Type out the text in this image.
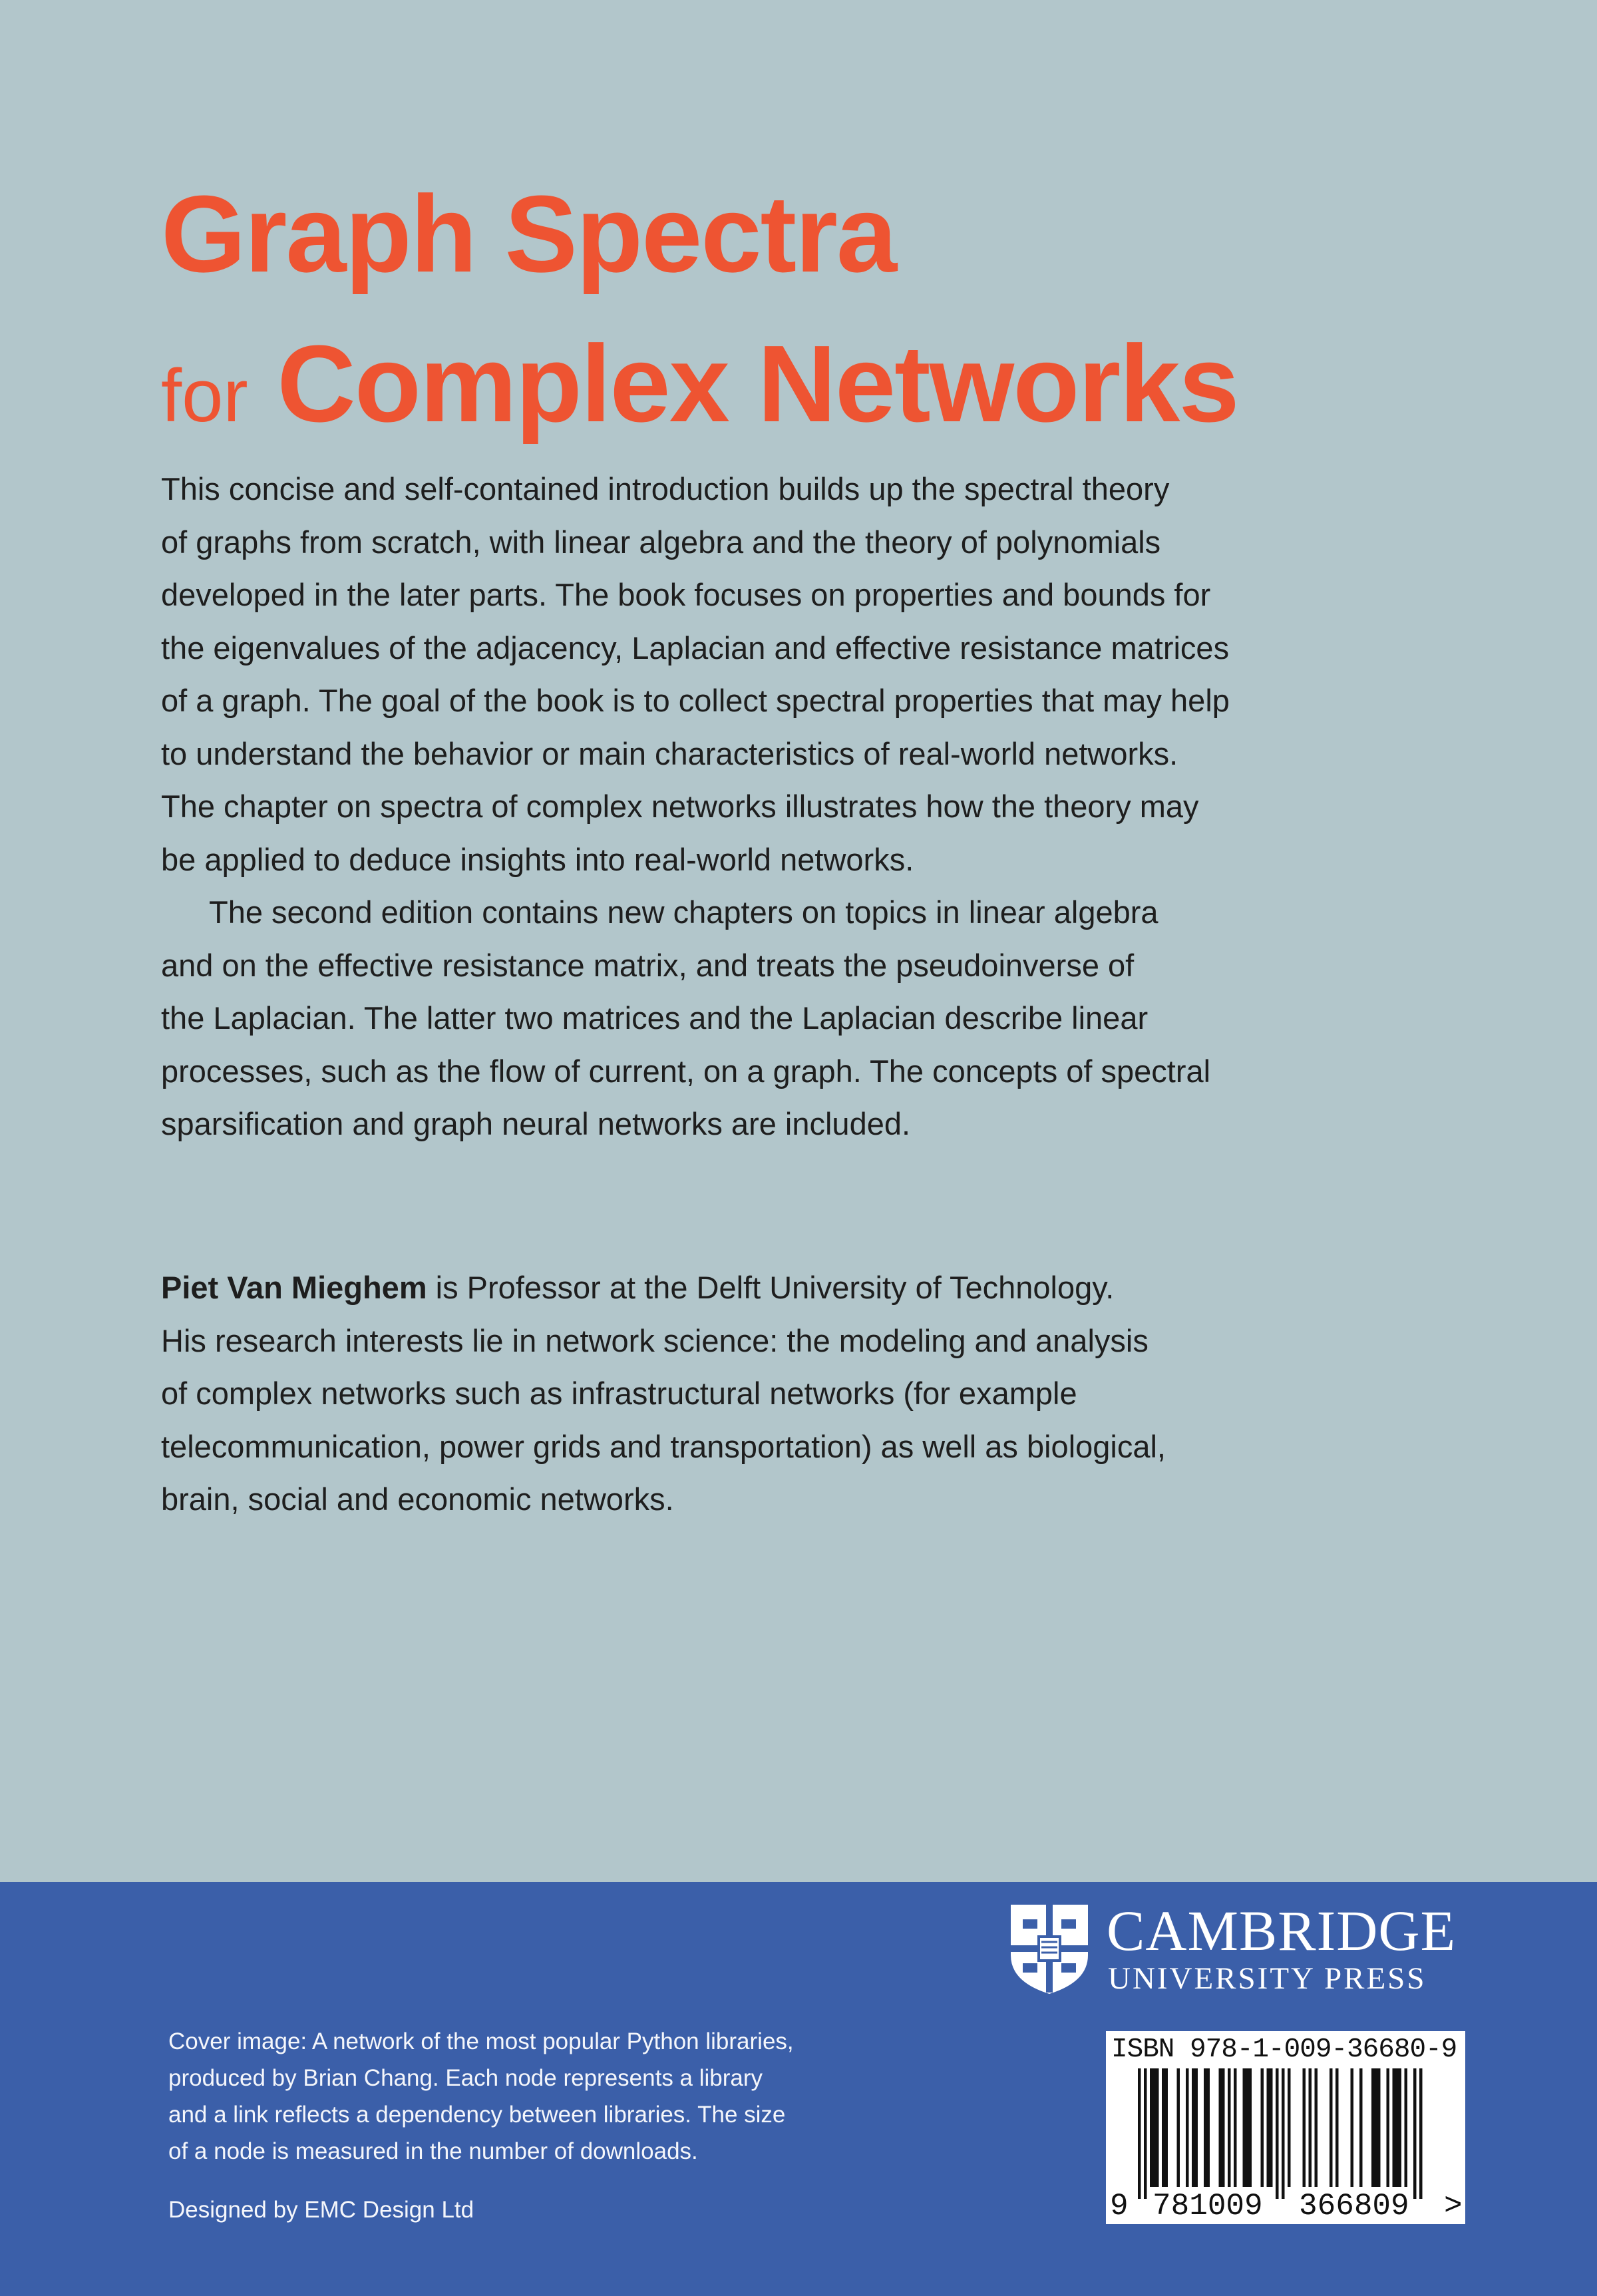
Graph Spectra
for Complex Networks

This concise and self-contained introduction builds up the spectral theory
of graphs from scratch, with linear algebra and the theory of polynomials
developed in the later parts. The book focuses on properties and bounds for
the eigenvalues of the adjacency, Laplacian and effective resistance matrices
of a graph. The goal of the book is to collect spectral properties that may help
to understand the behavior or main characteristics of real-world networks.
The chapter on spectra of complex networks illustrates how the theory may
be applied to deduce insights into real-world networks.

The second edition contains new chapters on topics in linear algebra
and on the effective resistance matrix, and treats the pseudoinverse of
the Laplacian. The latter two matrices and the Laplacian describe linear
processes, such as the flow of current, on a graph. The concepts of spectral
sparsification and graph neural networks are included.

Piet Van Mieghem is Professor at the Delft University of Technology.
His research interests lie in network science: the modeling and analysis
of complex networks such as infrastructural networks (for example
telecommunication, power grids and transportation) as well as biological,
brain, social and economic networks.

CAMBRIDGE
UNIVERSITY PRESS

Cover image: A network of the most popular Python libraries,
produced by Brian Chang. Each node represents a library
and a link reflects a dependency between libraries. The size
of a node is measured in the number of downloads.

Designed by EMC Design Ltd
ISBN 978-1-009-36680-9
9 781009 366809 >
